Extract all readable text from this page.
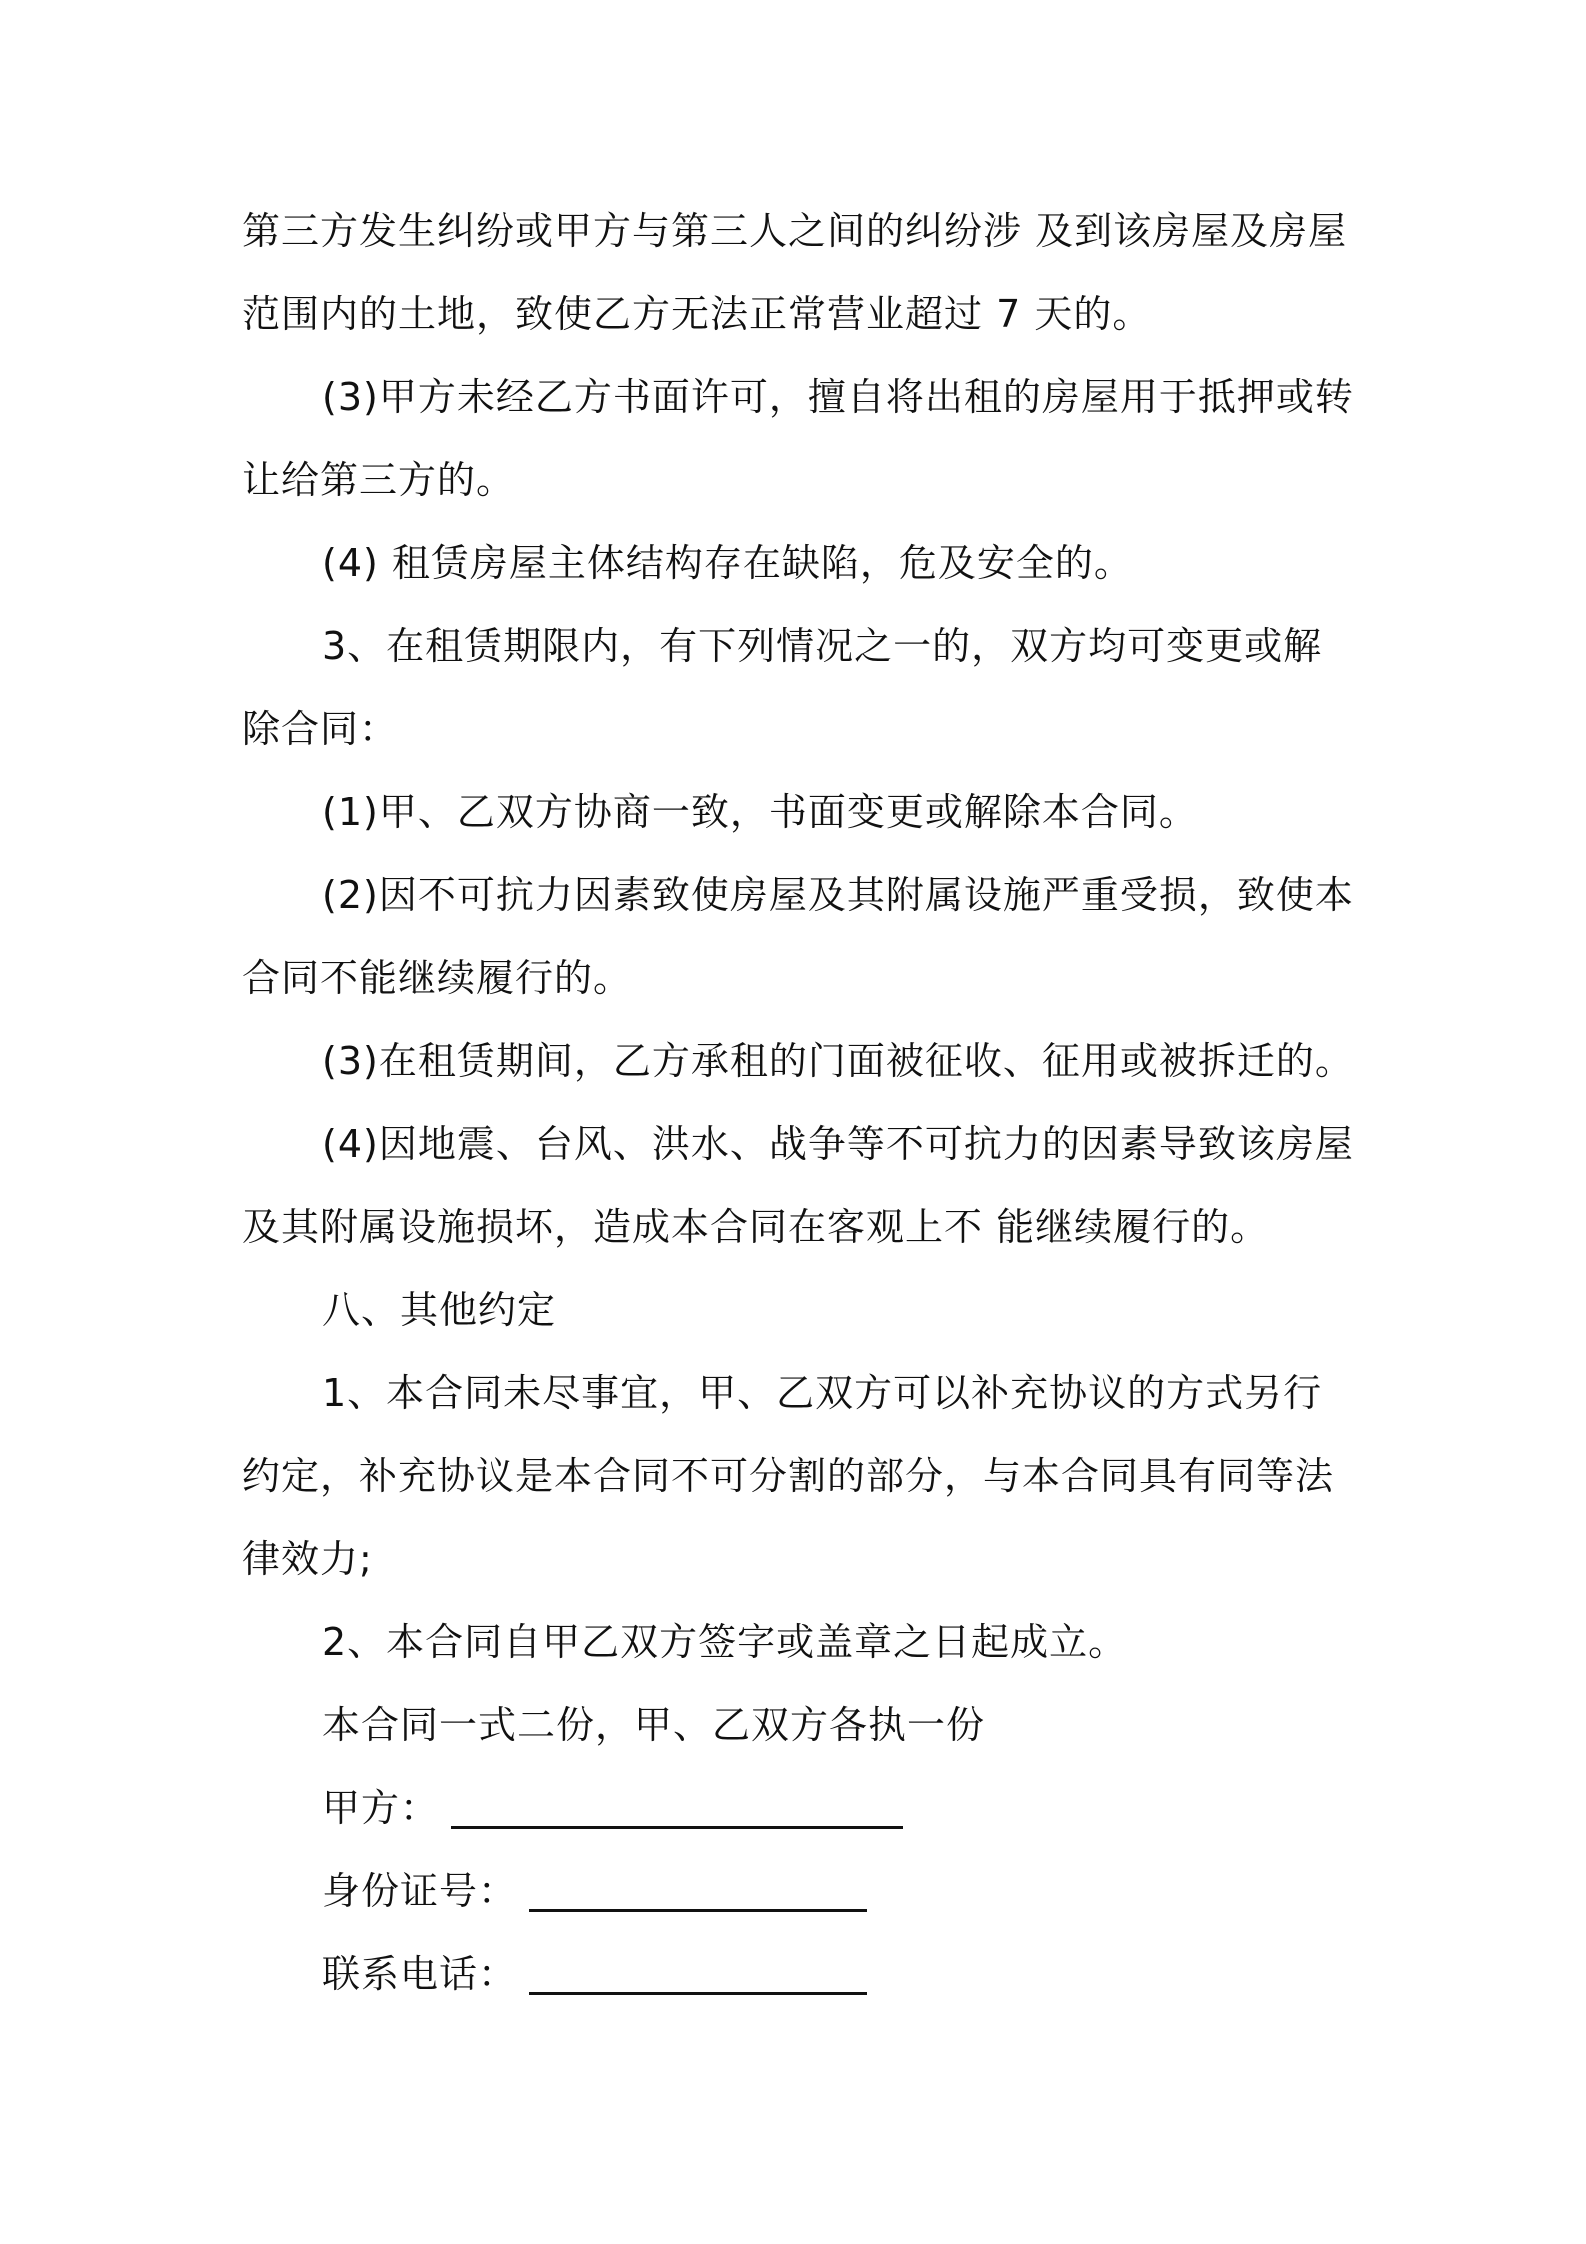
第三方发生纠纷或甲方与第三人之间的纠纷涉 及到该房屋及房屋范围内的土地，致使乙方无法正常营业超过 7 天的。

(3)甲方未经乙方书面许可，擅自将出租的房屋用于抵押或转让给第三方的。

(4) 租赁房屋主体结构存在缺陷，危及安全的。

3、在租赁期限内，有下列情况之一的，双方均可变更或解除合同：

(1)甲、乙双方协商一致，书面变更或解除本合同。

(2)因不可抗力因素致使房屋及其附属设施严重受损，致使本合同不能继续履行的。

(3)在租赁期间，乙方承租的门面被征收、征用或被拆迁的。

(4)因地震、台风、洪水、战争等不可抗力的因素导致该房屋及其附属设施损坏，造成本合同在客观上不 能继续履行的。

八、其他约定

1、本合同未尽事宜，甲、乙双方可以补充协议的方式另行约定，补充协议是本合同不可分割的部分，与本合同具有同等法律效力;

2、本合同自甲乙双方签字或盖章之日起成立。

本合同一式二份，甲、乙双方各执一份

甲方：

身份证号：

联系电话：
